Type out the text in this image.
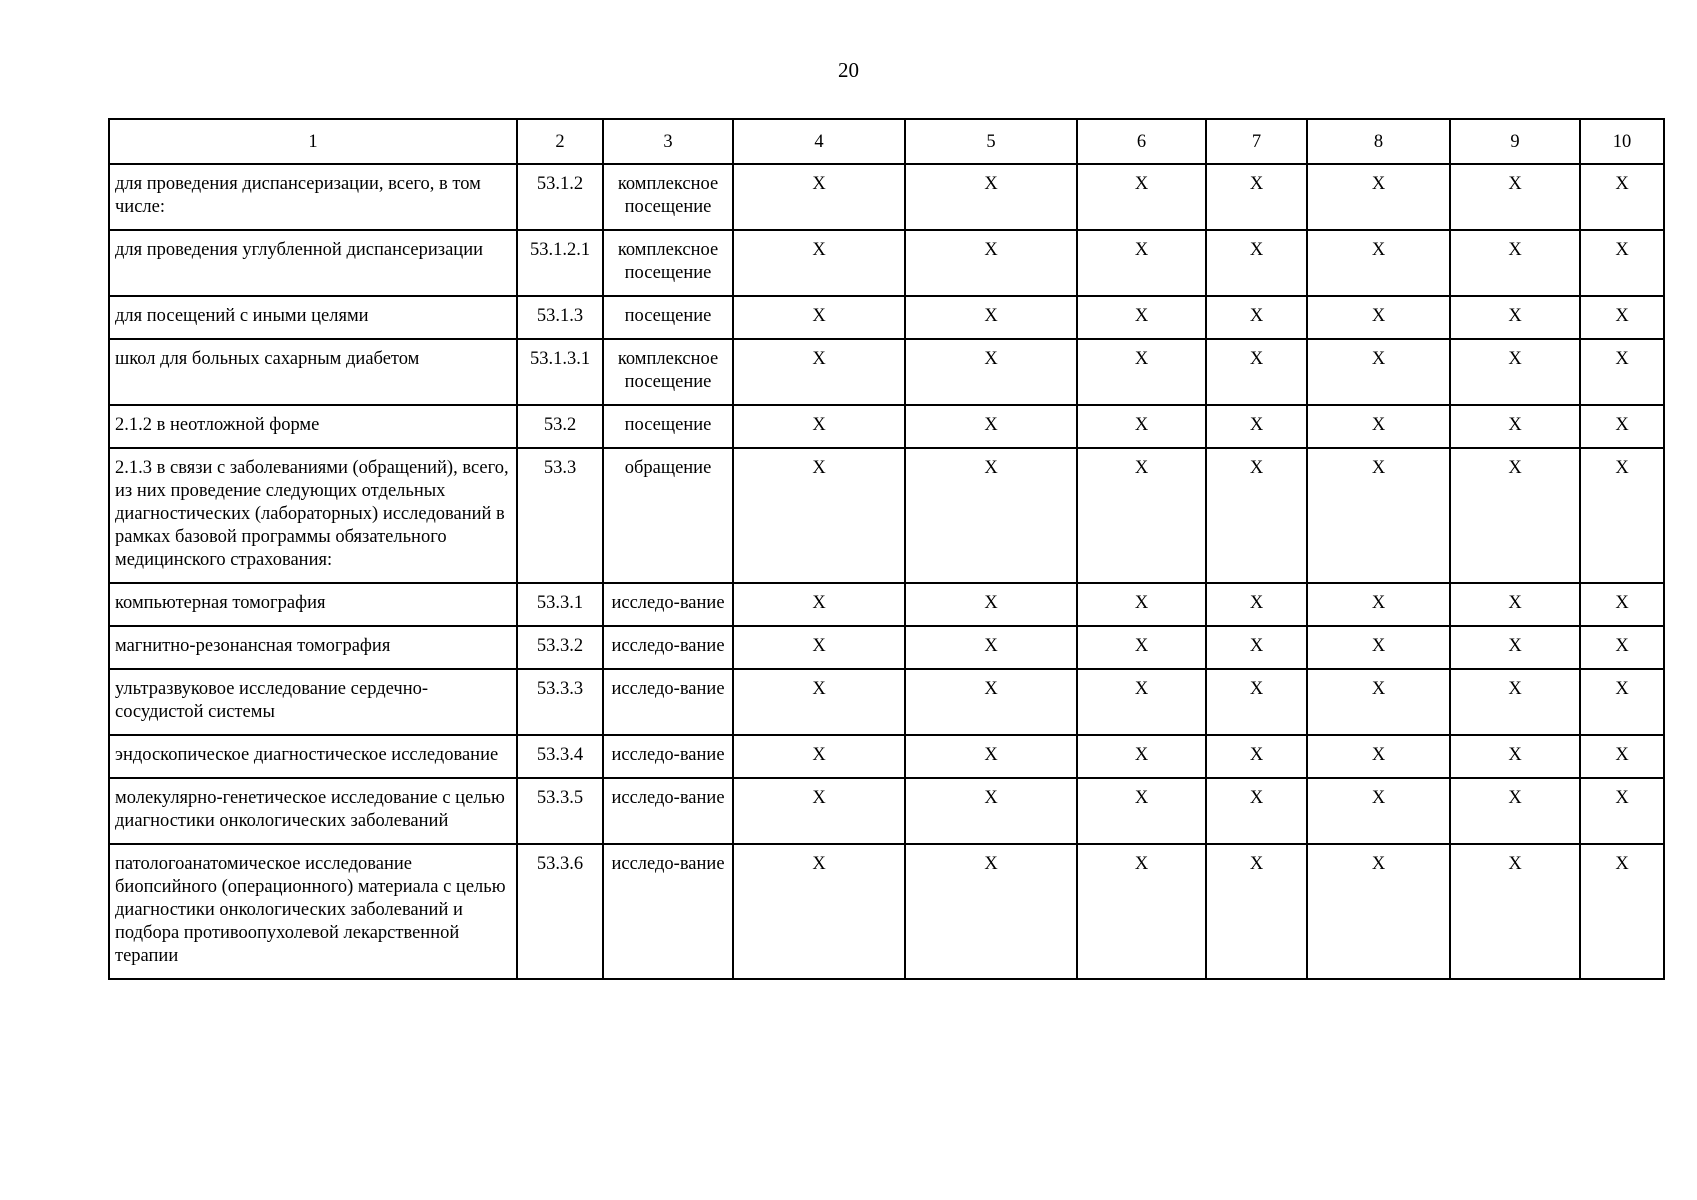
20
1	2	3	4	5	6	7	8	9	10
для проведения диспансеризации, всего, в том числе:	53.1.2	комплексное посещение	Х	Х	Х	Х	Х	Х	Х
для проведения углубленной диспансеризации	53.1.2.1	комплексное посещение	Х	Х	Х	Х	Х	Х	Х
для посещений с иными целями	53.1.3	посещение	Х	Х	Х	Х	Х	Х	Х
школ для больных сахарным диабетом	53.1.3.1	комплексное посещение	Х	Х	Х	Х	Х	Х	Х
2.1.2 в неотложной форме	53.2	посещение	Х	Х	Х	Х	Х	Х	Х
2.1.3 в связи с заболеваниями (обращений), всего, из них проведение следующих отдельных диагностических (лабораторных) исследований в рамках базовой программы обязательного медицинского страхования:	53.3	обращение	Х	Х	Х	Х	Х	Х	Х
компьютерная томография	53.3.1	исследо-вание	Х	Х	Х	Х	Х	Х	Х
магнитно-резонансная томография	53.3.2	исследо-вание	Х	Х	Х	Х	Х	Х	Х
ультразвуковое исследование сердечно-сосудистой системы	53.3.3	исследо-вание	Х	Х	Х	Х	Х	Х	Х
эндоскопическое диагностическое исследование	53.3.4	исследо-вание	Х	Х	Х	Х	Х	Х	Х
молекулярно-генетическое исследование с целью диагностики онкологических заболеваний	53.3.5	исследо-вание	Х	Х	Х	Х	Х	Х	Х
патологоанатомическое исследование биопсийного (операционного) материала с целью диагностики онкологических заболеваний и подбора противоопухолевой лекарственной терапии	53.3.6	исследо-вание	Х	Х	Х	Х	Х	Х	Х
